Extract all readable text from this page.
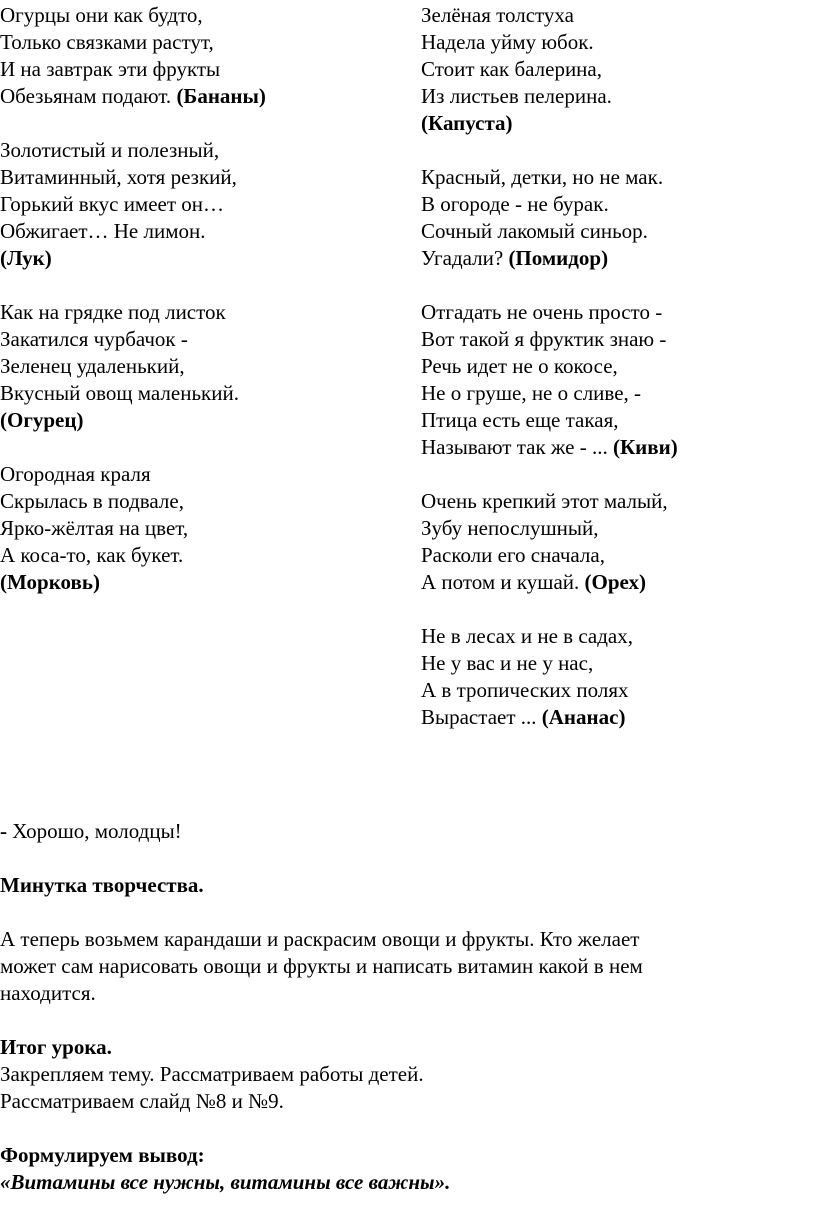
Огурцы они как будто,
Только связками растут,
И на завтрак эти фрукты
Обезьянам подают. (Бананы)
Золотистый и полезный,
Витаминный, хотя резкий,
Горький вкус имеет он…
Обжигает… Не лимон.
(Лук)
Как на грядке под листок
Закатился чурбачок -
Зеленец удаленький,
Вкусный овощ маленький.
(Огурец)
Огородная краля
Скрылась в подвале,
Ярко-жёлтая на цвет,
А коса-то, как букет.
(Морковь)
Зелёная толстуха
Надела уйму юбок.
Стоит как балерина,
Из листьев пелерина.
(Капуста)
Красный, детки, но не мак.
В огороде - не бурак.
Сочный лакомый синьор.
Угадали? (Помидор)
Отгадать не очень просто -
Вот такой я фруктик знаю -
Речь идет не о кокосе,
Не о груше, не о сливе, -
Птица есть еще такая,
Называют так же - ... (Киви)
Очень крепкий этот малый,
Зубу непослушный,
Расколи его сначала,
А потом и кушай. (Орех)
Не в лесах и не в садах,
Не у вас и не у нас,
А в тропических полях
Вырастает ... (Ананас)
- Хорошо, молодцы!
Минутка творчества.
А теперь возьмем карандаши и раскрасим овощи и фрукты. Кто желает
может сам нарисовать овощи и фрукты и написать витамин какой в нем
находится.
Итог урока.
Закрепляем тему. Рассматриваем работы детей.
Рассматриваем слайд №8 и №9.
Формулируем вывод:
«Витамины все нужны, витамины все важны».
